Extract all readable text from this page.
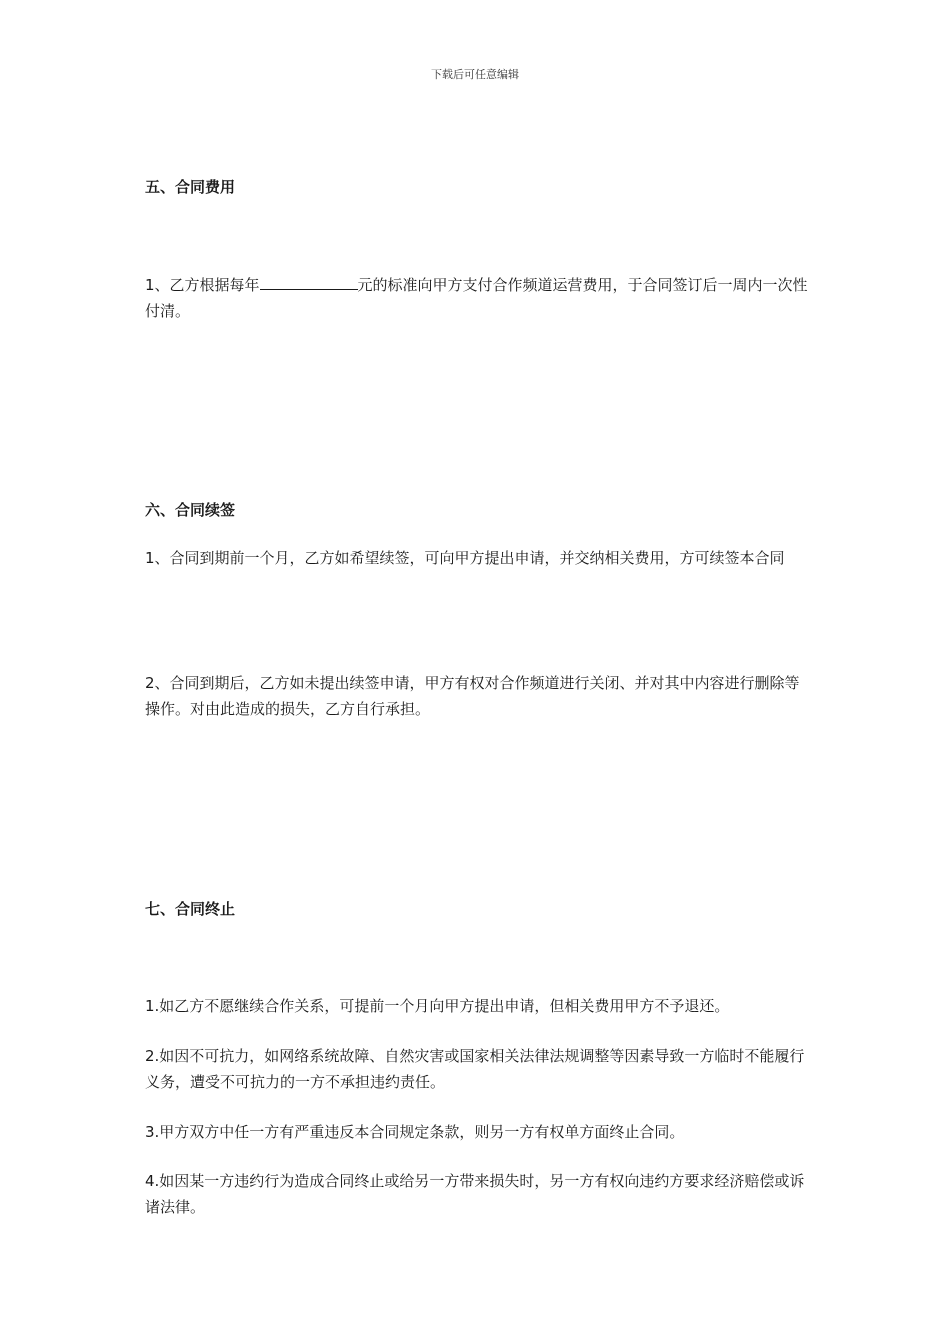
下载后可任意编辑
五、合同费用
1、乙方根据每年	元的标准向甲方支付合作频道运营费用，于合同签订后一周内一次性付清。
六、合同续签
1、合同到期前一个月，乙方如希望续签，可向甲方提出申请，并交纳相关费用，方可续签本合同
2、合同到期后，乙方如未提出续签申请，甲方有权对合作频道进行关闭、并对其中内容进行删除等操作。对由此造成的损失，乙方自行承担。
七、合同终止
1.如乙方不愿继续合作关系，可提前一个月向甲方提出申请，但相关费用甲方不予退还。
2.如因不可抗力，如网络系统故障、自然灾害或国家相关法律法规调整等因素导致一方临时不能履行义务，遭受不可抗力的一方不承担违约责任。
3.甲方双方中任一方有严重违反本合同规定条款，则另一方有权单方面终止合同。
4.如因某一方违约行为造成合同终止或给另一方带来损失时，另一方有权向违约方要求经济赔偿或诉诸法律。
